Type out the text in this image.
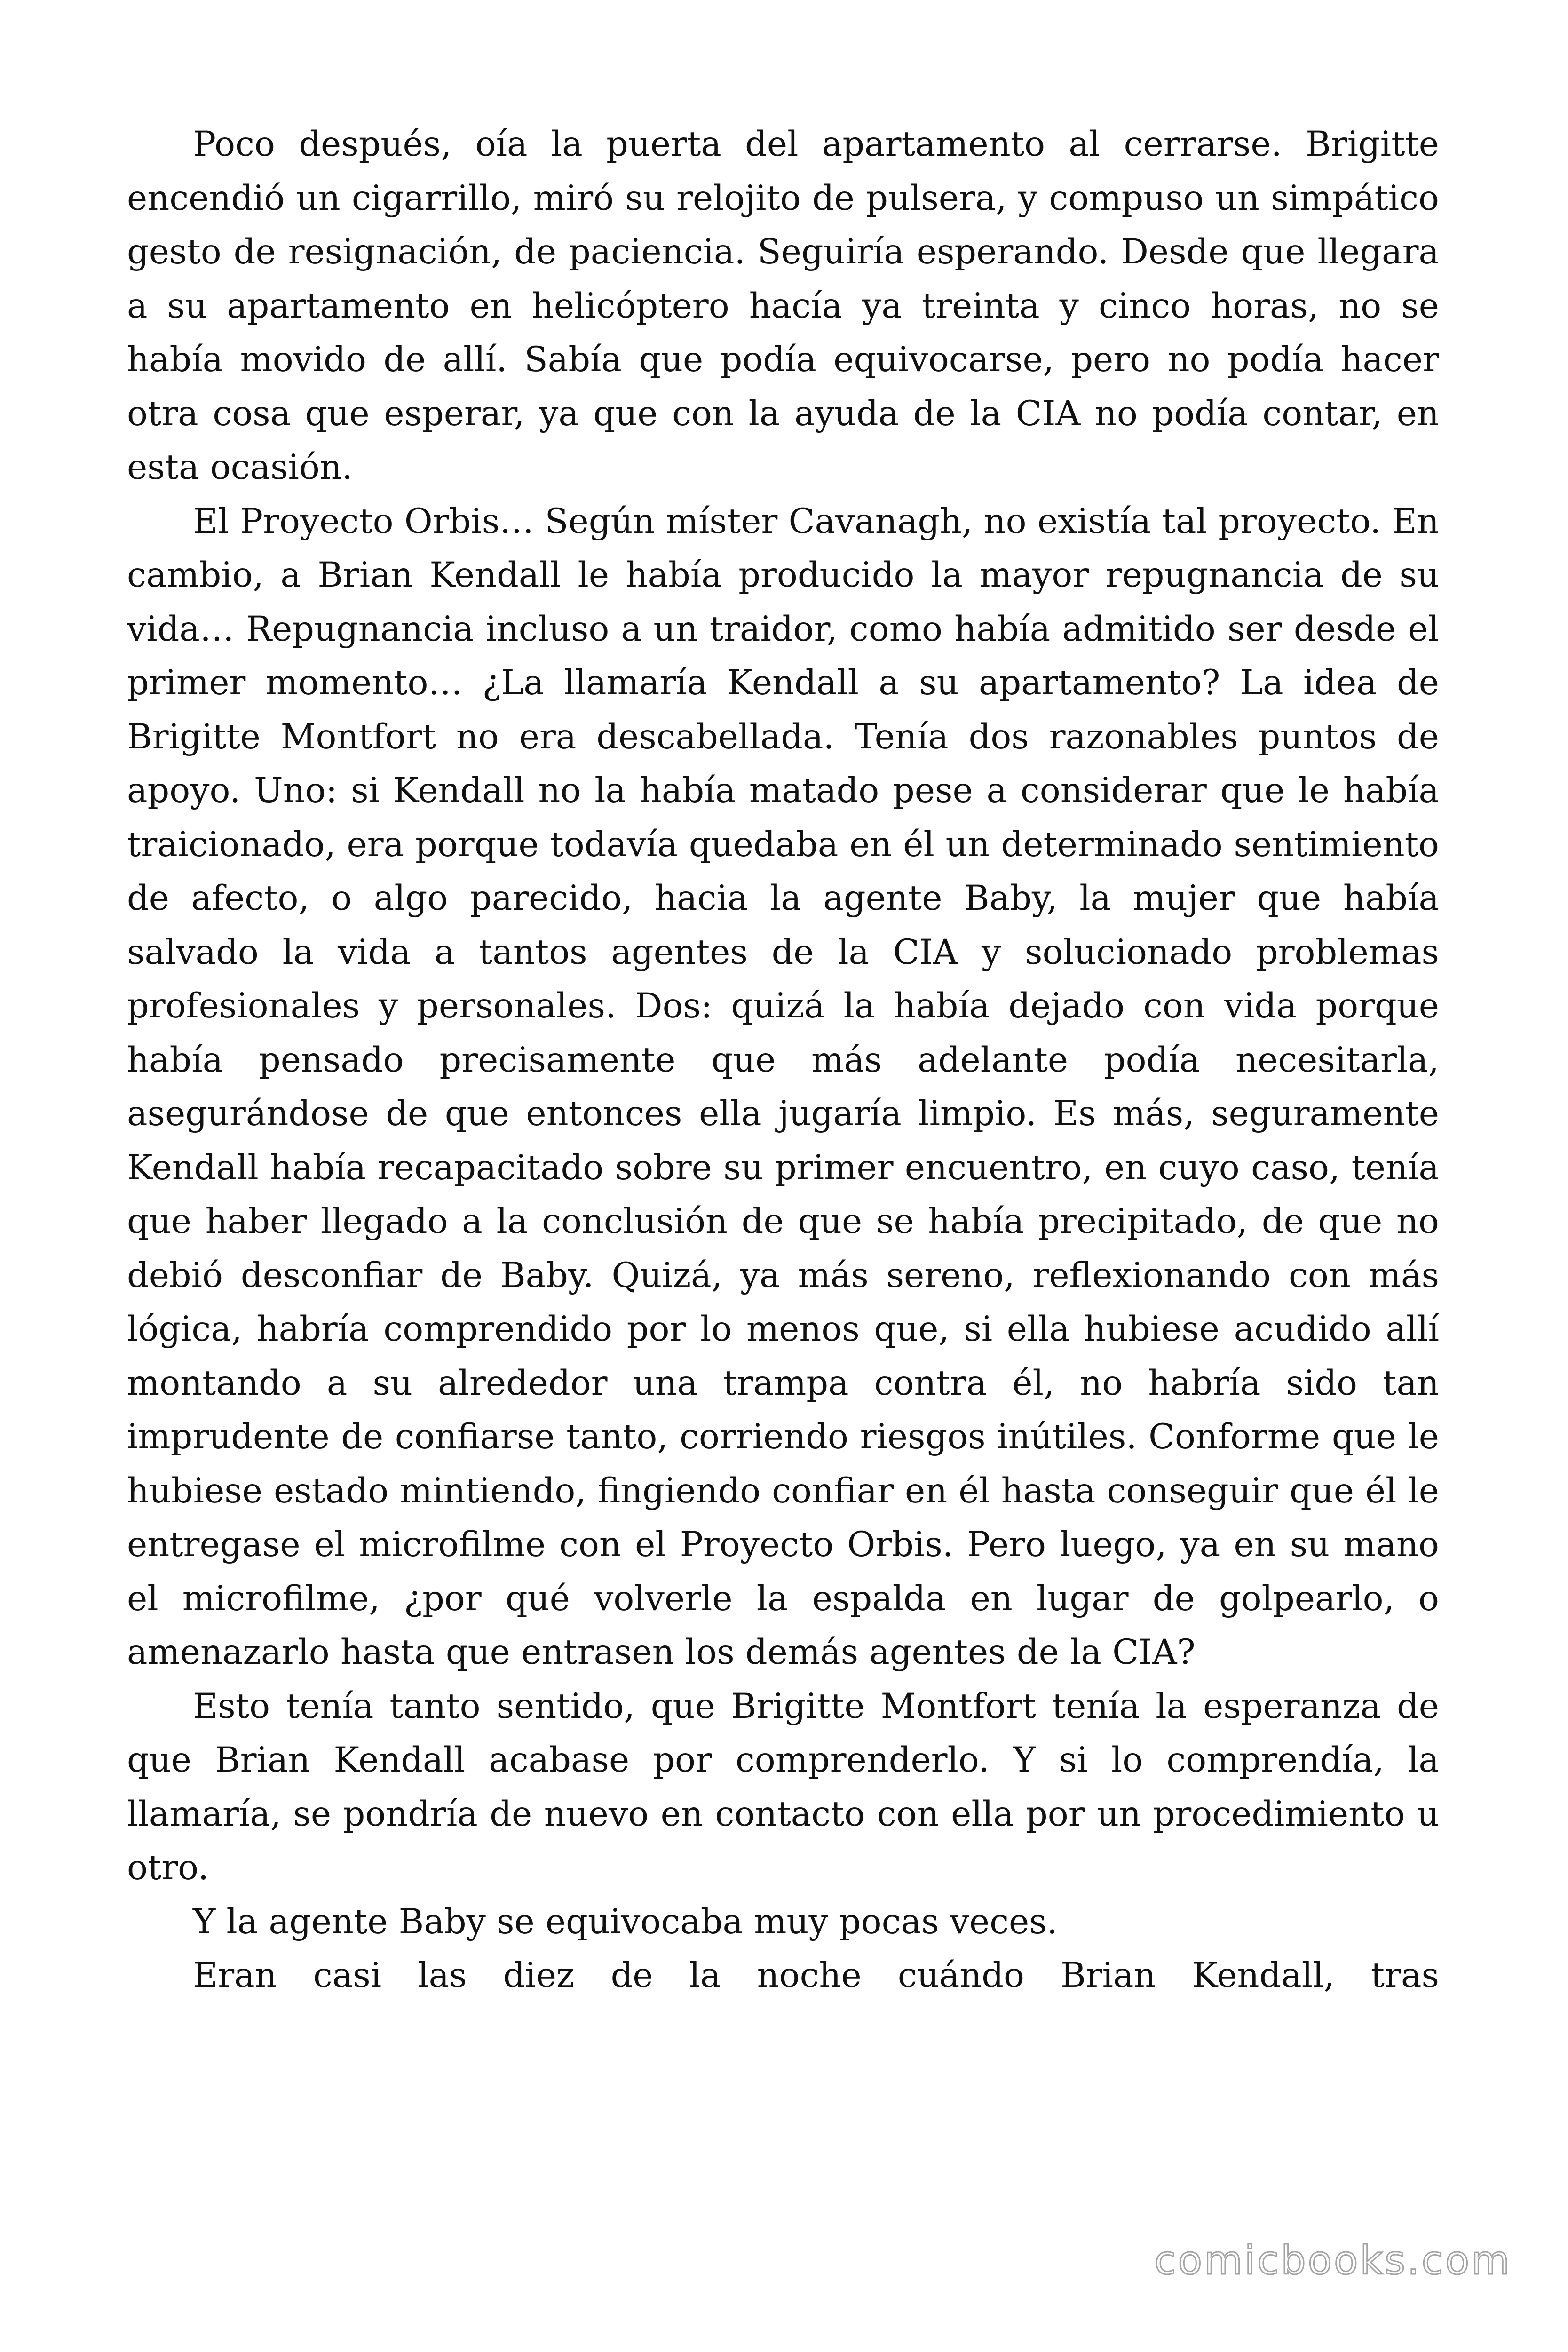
Poco después, oía la puerta del apartamento al cerrarse. Brigitte encendió un cigarrillo, miró su relojito de pulsera, y compuso un simpático gesto de resignación, de paciencia. Seguiría esperando. Desde que llegara a su apartamento en helicóptero hacía ya treinta y cinco horas, no se había movido de allí. Sabía que podía equivocarse, pero no podía hacer otra cosa que esperar, ya que con la ayuda de la CIA no podía contar, en esta ocasión.

El Proyecto Orbis… Según míster Cavanagh, no existía tal proyecto. En cambio, a Brian Kendall le había producido la mayor repugnancia de su vida… Repugnancia incluso a un traidor, como había admitido ser desde el primer momento… ¿La llamaría Kendall a su apartamento? La idea de Brigitte Montfort no era descabellada. Tenía dos razonables puntos de apoyo. Uno: si Kendall no la había matado pese a considerar que le había traicionado, era porque todavía quedaba en él un determinado sentimiento de afecto, o algo parecido, hacia la agente Baby, la mujer que había salvado la vida a tantos agentes de la CIA y solucionado problemas profesionales y personales. Dos: quizá la había dejado con vida porque había pensado precisamente que más adelante podía necesitarla, asegurándose de que entonces ella jugaría limpio. Es más, seguramente Kendall había recapacitado sobre su primer encuentro, en cuyo caso, tenía que haber llegado a la conclusión de que se había precipitado, de que no debió desconfiar de Baby. Quizá, ya más sereno, reflexionando con más lógica, habría comprendido por lo menos que, si ella hubiese acudido allí montando a su alrededor una trampa contra él, no habría sido tan imprudente de confiarse tanto, corriendo riesgos inútiles. Conforme que le hubiese estado mintiendo, fingiendo confiar en él hasta conseguir que él le entregase el microfilme con el Proyecto Orbis. Pero luego, ya en su mano el microfilme, ¿por qué volverle la espalda en lugar de golpearlo, o amenazarlo hasta que entrasen los demás agentes de la CIA?

Esto tenía tanto sentido, que Brigitte Montfort tenía la esperanza de que Brian Kendall acabase por comprenderlo. Y si lo comprendía, la llamaría, se pondría de nuevo en contacto con ella por un procedimiento u otro.

Y la agente Baby se equivocaba muy pocas veces.

Eran casi las diez de la noche cuándo Brian Kendall, tras

comicbooks.com
